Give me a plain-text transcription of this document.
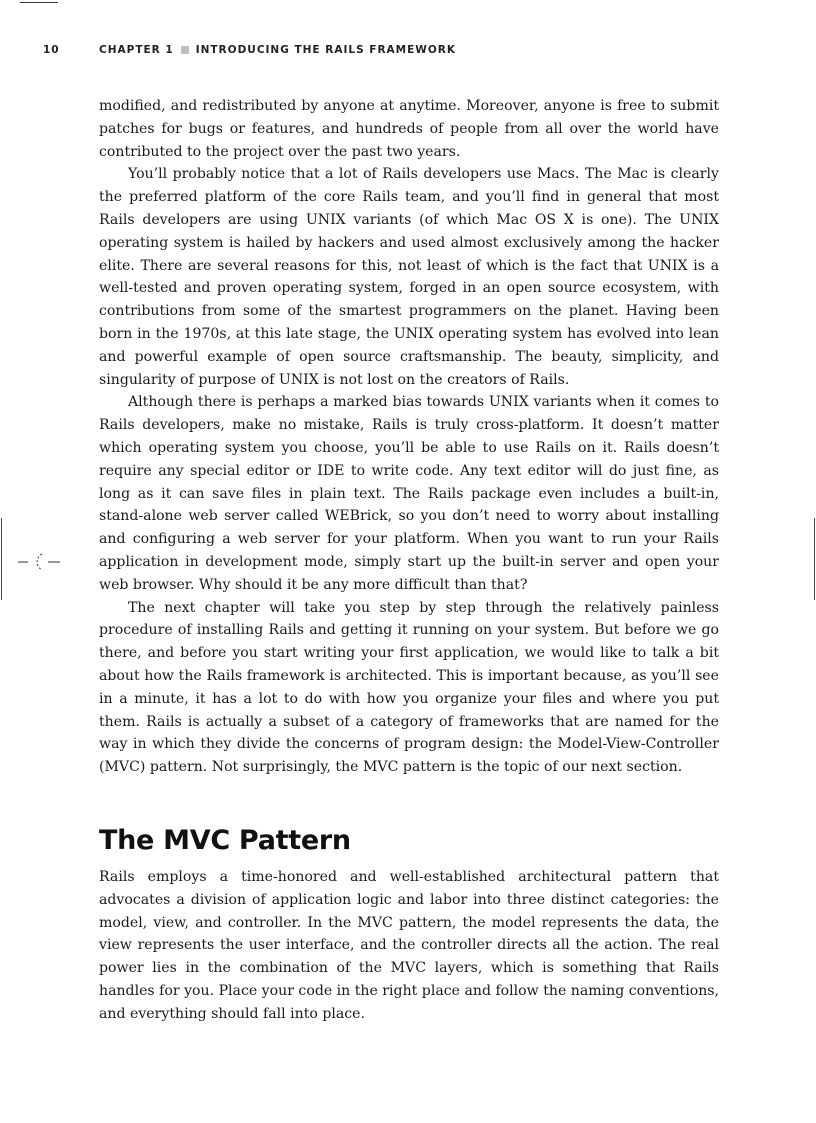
10	CHAPTER 1 INTRODUCING THE RAILS FRAMEWORK

modified, and redistributed by anyone at anytime. Moreover, anyone is free to submit patches for bugs or features, and hundreds of people from all over the world have contributed to the project over the past two years.

You’ll probably notice that a lot of Rails developers use Macs. The Mac is clearly the preferred platform of the core Rails team, and you’ll find in general that most Rails developers are using UNIX variants (of which Mac OS X is one). The UNIX operating system is hailed by hackers and used almost exclusively among the hacker elite. There are several reasons for this, not least of which is the fact that UNIX is a well-tested and proven operating system, forged in an open source ecosystem, with contributions from some of the smartest programmers on the planet. Having been born in the 1970s, at this late stage, the UNIX operating system has evolved into lean and powerful example of open source craftsmanship. The beauty, simplicity, and singularity of purpose of UNIX is not lost on the creators of Rails.

Although there is perhaps a marked bias towards UNIX variants when it comes to Rails developers, make no mistake, Rails is truly cross-platform. It doesn’t matter which operating system you choose, you’ll be able to use Rails on it. Rails doesn’t require any special editor or IDE to write code. Any text editor will do just fine, as long as it can save files in plain text. The Rails package even includes a built-in, stand-alone web server called WEBrick, so you don’t need to worry about installing and configuring a web server for your platform. When you want to run your Rails application in development mode, simply start up the built-in server and open your web browser. Why should it be any more difficult than that?

The next chapter will take you step by step through the relatively painless procedure of installing Rails and getting it running on your system. But before we go there, and before you start writing your first application, we would like to talk a bit about how the Rails framework is architected. This is important because, as you’ll see in a minute, it has a lot to do with how you organize your files and where you put them. Rails is actually a subset of a category of frameworks that are named for the way in which they divide the concerns of program design: the Model-View-Controller (MVC) pattern. Not surprisingly, the MVC pattern is the topic of our next section.

The MVC Pattern

Rails employs a time-honored and well-established architectural pattern that advocates a division of application logic and labor into three distinct categories: the model, view, and controller. In the MVC pattern, the model represents the data, the view represents the user interface, and the controller directs all the action. The real power lies in the combination of the MVC layers, which is something that Rails handles for you. Place your code in the right place and follow the naming conventions, and everything should fall into place.
